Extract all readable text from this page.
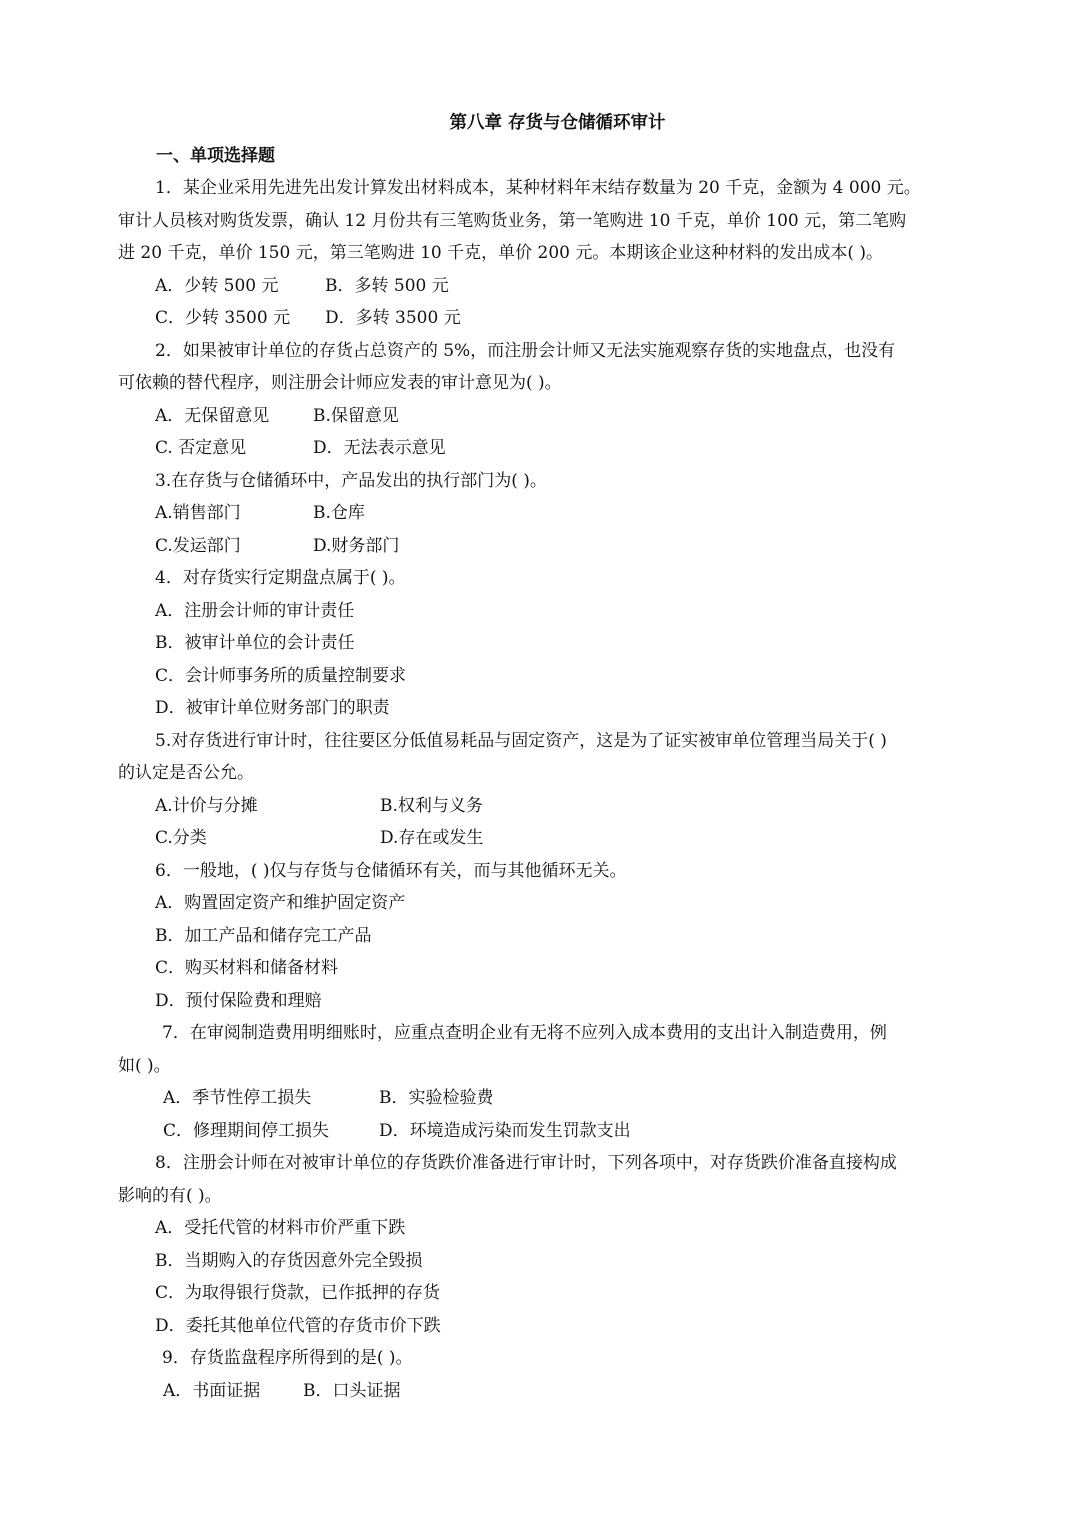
第八章 存货与仓储循环审计
一、单项选择题

1．某企业采用先进先出发计算发出材料成本，某种材料年末结存数量为 20 千克，金额为 4 000 元。

审计人员核对购货发票，确认 12 月份共有三笔购货业务，第一笔购进 10 千克，单价 100 元，第二笔购

进 20 千克，单价 150 元，第三笔购进 10 千克，单价 200 元。本期该企业这种材料的发出成本( )。

A．少转 500 元	B．多转 500 元

C．少转 3500 元 D．多转 3500 元

2．如果被审计单位的存货占总资产的 5%，而注册会计师又无法实施观察存货的实地盘点，也没有

可依赖的替代程序，则注册会计师应发表的审计意见为( )。

A．无保留意见	B.保留意见

C. 否定意见	D．无法表示意见

3.在存货与仓储循环中，产品发出的执行部门为( )。

A.销售部门	B.仓库

C.发运部门	D.财务部门

4．对存货实行定期盘点属于( )。

A．注册会计师的审计责任

B．被审计单位的会计责任

C．会计师事务所的质量控制要求

D．被审计单位财务部门的职责

5.对存货进行审计时，往往要区分低值易耗品与固定资产，这是为了证实被审单位管理当局关于( )

的认定是否公允。

A.计价与分摊	B.权利与义务

C.分类	D.存在或发生

6．一般地，( )仅与存货与仓储循环有关，而与其他循环无关。

A．购置固定资产和维护固定资产

B．加工产品和储存完工产品

C．购买材料和储备材料

D．预付保险费和理赔

7．在审阅制造费用明细账时，应重点查明企业有无将不应列入成本费用的支出计入制造费用，例

如( )。

A．季节性停工损失	B．实验检验费

C．修理期间停工损失	D．环境造成污染而发生罚款支出

8．注册会计师在对被审计单位的存货跌价准备进行审计时，下列各项中，对存货跌价准备直接构成

影响的有( )。

A．受托代管的材料市价严重下跌

B．当期购入的存货因意外完全毁损

C．为取得银行贷款，已作抵押的存货

D．委托其他单位代管的存货市价下跌

9．存货监盘程序所得到的是( )。

A．书面证据	B．口头证据
